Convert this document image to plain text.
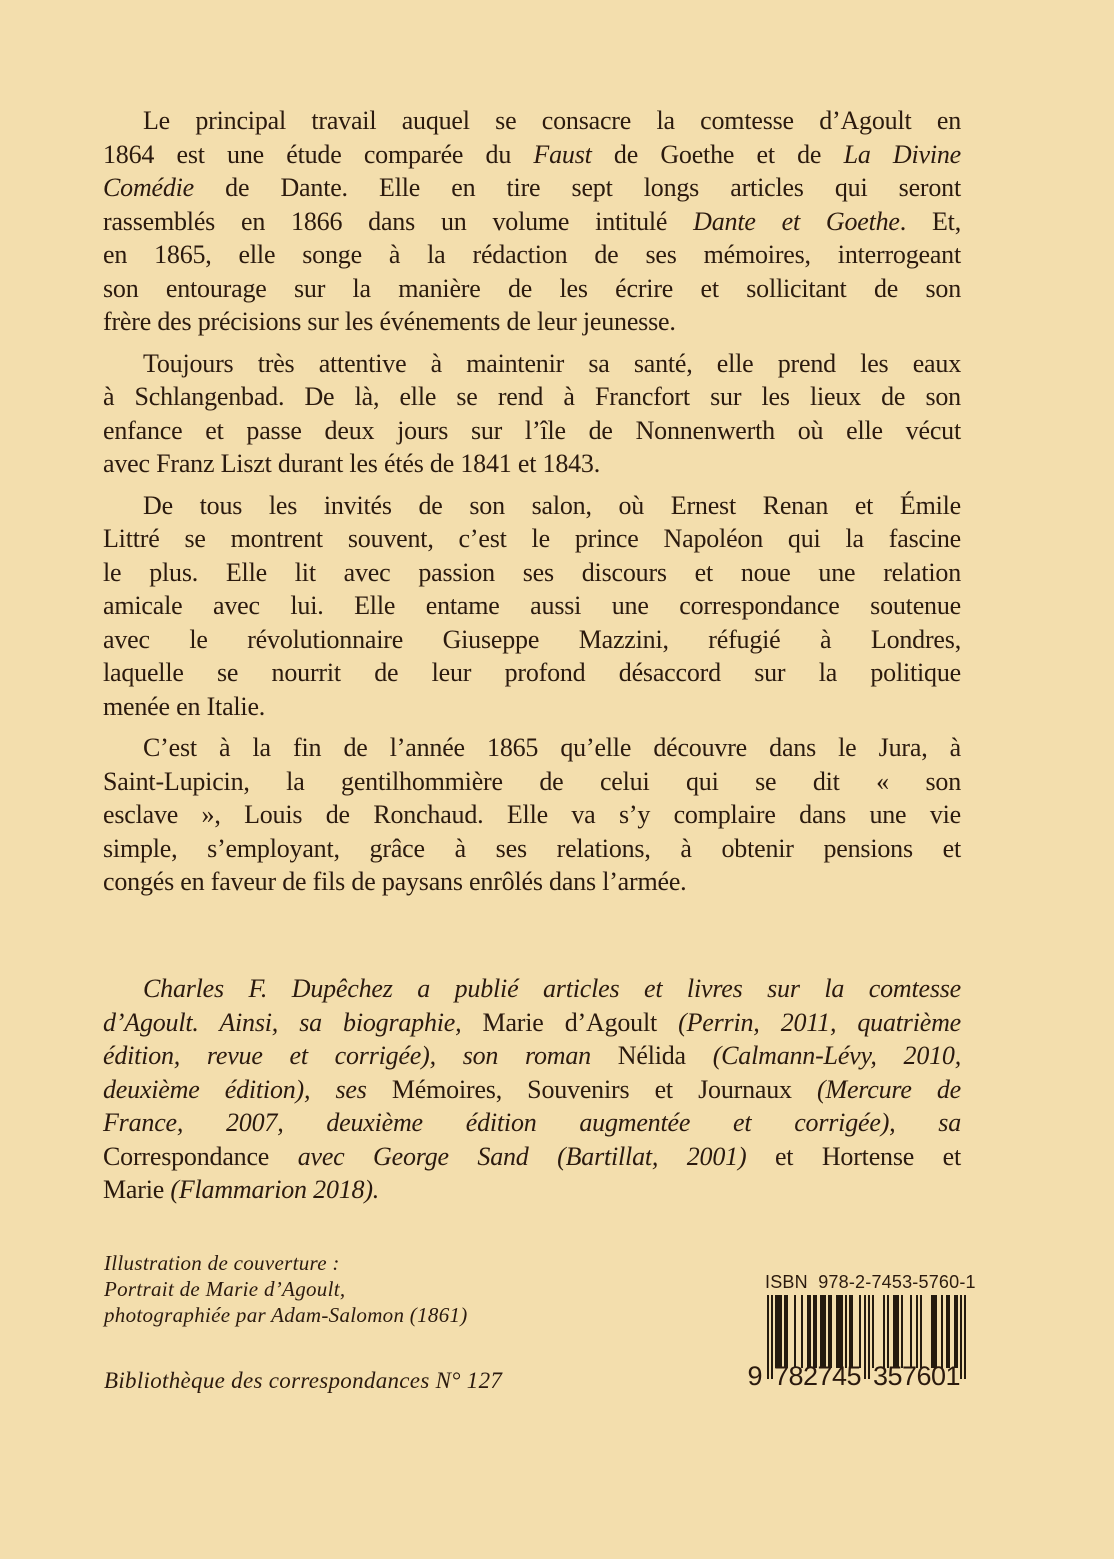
Le principal travail auquel se consacre la comtesse d’Agoult en
1864 est une étude comparée du Faust de Goethe et de La Divine
Comédie de Dante. Elle en tire sept longs articles qui seront
rassemblés en 1866 dans un volume intitulé Dante et Goethe. Et,
en 1865, elle songe à la rédaction de ses mémoires, interrogeant
son entourage sur la manière de les écrire et sollicitant de son
frère des précisions sur les événements de leur jeunesse.
Toujours très attentive à maintenir sa santé, elle prend les eaux
à Schlangenbad. De là, elle se rend à Francfort sur les lieux de son
enfance et passe deux jours sur l’île de Nonnenwerth où elle vécut
avec Franz Liszt durant les étés de 1841 et 1843.
De tous les invités de son salon, où Ernest Renan et Émile
Littré se montrent souvent, c’est le prince Napoléon qui la fascine
le plus. Elle lit avec passion ses discours et noue une relation
amicale avec lui. Elle entame aussi une correspondance soutenue
avec le révolutionnaire Giuseppe Mazzini, réfugié à Londres,
laquelle se nourrit de leur profond désaccord sur la politique
menée en Italie.
C’est à la fin de l’année 1865 qu’elle découvre dans le Jura, à
Saint-Lupicin, la gentilhommière de celui qui se dit « son
esclave », Louis de Ronchaud. Elle va s’y complaire dans une vie
simple, s’employant, grâce à ses relations, à obtenir pensions et
congés en faveur de fils de paysans enrôlés dans l’armée.
Charles F. Dupêchez a publié articles et livres sur la comtesse
d’Agoult. Ainsi, sa biographie, Marie d’Agoult (Perrin, 2011, quatrième
édition, revue et corrigée), son roman Nélida (Calmann-Lévy, 2010,
deuxième édition), ses Mémoires, Souvenirs et Journaux (Mercure de
France, 2007, deuxième édition augmentée et corrigée), sa
Correspondance avec George Sand (Bartillat, 2001) et Hortense et
Marie (Flammarion 2018).
Illustration de couverture :
Portrait de Marie d’Agoult,
photographiée par Adam-Salomon (1861)
Bibliothèque des correspondances N° 127
ISBN  978-2-7453-5760-1
9 782745 357601
